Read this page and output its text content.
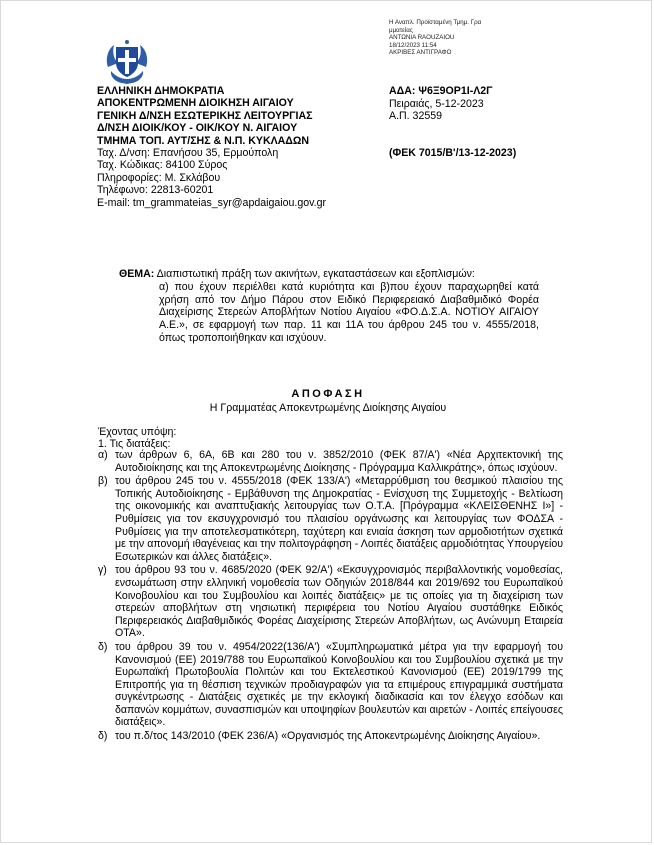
Η Αναπλ. Προϊσταμένη Τμημ. Γρα
μματείας
ΑΝΤΩΝΙΑ RAOUZAIOU
18/12/2023 11:54
ΑΚΡΙΒΕΣ ΑΝΤΙΓΡΑΦΟ
ΕΛΛΗΝΙΚΗ ΔΗΜΟΚΡΑΤΙΑ
ΑΠΟΚΕΝΤΡΩΜΕΝΗ ΔΙΟΙΚΗΣΗ ΑΙΓΑΙΟΥ
ΓΕΝΙΚΗ Δ/ΝΣΗ ΕΣΩΤΕΡΙΚΗΣ ΛΕΙΤΟΥΡΓΙΑΣ
Δ/ΝΣΗ ΔΙΟΙΚ/ΚΟΥ - ΟΙΚ/ΚΟΥ Ν. ΑΙΓΑΙΟΥ
ΤΜΗΜΑ ΤΟΠ. ΑΥΤ/ΣΗΣ & Ν.Π. ΚΥΚΛΑΔΩΝ
Ταχ. Δ/νση: Επανήσου 35, Ερμούπολη
Ταχ. Κώδικας: 84100 Σύρος
Πληροφορίες: Μ. Σκλάβου
Τηλέφωνο: 22813-60201
E-mail: tm_grammateias_syr@apdaigaiou.gov.gr
ΑΔΑ: Ψ6Ξ9ΟΡ1Ι-Λ2Γ
Πειραιάς, 5-12-2023
Α.Π. 32559
(ΦΕΚ 7015/Β'/13-12-2023)
ΘΕΜΑ: Διαπιστωτική πράξη των ακινήτων, εγκαταστάσεων και εξοπλισμών:
α) που έχουν περιέλθει κατά κυριότητα και β)που έχουν παραχωρηθεί κατά χρήση από τον Δήμο Πάρου στον Ειδικό Περιφερειακό Διαβαθμιδικό Φορέα Διαχείρισης Στερεών Αποβλήτων Νοτίου Αιγαίου «ΦΟ.Δ.Σ.Α. ΝΟΤΙΟΥ ΑΙΓΑΙΟΥ Α.Ε.», σε εφαρμογή των παρ. 11 και 11Α του άρθρου 245 του ν. 4555/2018, όπως τροποποιήθηκαν και ισχύουν.
ΑΠΟΦΑΣΗ
Η Γραμματέας Αποκεντρωμένης Διοίκησης Αιγαίου
Έχοντας υπόψη:
1. Τις διατάξεις:
α) των άρθρων 6, 6Α, 6Β και 280 του ν. 3852/2010 (ΦΕΚ 87/Α') «Νέα Αρχιτεκτονική της Αυτοδιοίκησης και της Αποκεντρωμένης Διοίκησης - Πρόγραμμα Καλλικράτης», όπως ισχύουν.
β) του άρθρου 245 του ν. 4555/2018 (ΦΕΚ 133/Α') «Μεταρρύθμιση του θεσμικού πλαισίου της Τοπικής Αυτοδιοίκησης - Εμβάθυνση της Δημοκρατίας - Ενίσχυση της Συμμετοχής - Βελτίωση της οικονομικής και αναπτυξιακής λειτουργίας των Ο.Τ.Α. [Πρόγραμμα «ΚΛΕΙΣΘΕΝΗΣ Ι»] - Ρυθμίσεις για τον εκσυγχρονισμό του πλαισίου οργάνωσης και λειτουργίας των ΦΟΔΣΑ - Ρυθμίσεις για την αποτελεσματικότερη, ταχύτερη και ενιαία άσκηση των αρμοδιοτήτων σχετικά με την απονομή ιθαγένειας και την πολιτογράφηση - Λοιπές διατάξεις αρμοδιότητας Υπουργείου Εσωτερικών και άλλες διατάξεις».
γ) του άρθρου 93 του ν. 4685/2020 (ΦΕΚ 92/Α') «Εκσυγχρονισμός περιβαλλοντικής νομοθεσίας, ενσωμάτωση στην ελληνική νομοθεσία των Οδηγιών 2018/844 και 2019/692 του Ευρωπαϊκού Κοινοβουλίου και του Συμβουλίου και λοιπές διατάξεις» με τις οποίες για τη διαχείριση των στερεών αποβλήτων στη νησιωτική περιφέρεια του Νοτίου Αιγαίου συστάθηκε Ειδικός Περιφερειακός Διαβαθμιδικός Φορέας Διαχείρισης Στερεών Αποβλήτων, ως Ανώνυμη Εταιρεία ΟΤΑ».
δ) του άρθρου 39 του ν. 4954/2022(136/Α') «Συμπληρωματικά μέτρα για την εφαρμογή του Κανονισμού (ΕΕ) 2019/788 του Ευρωπαϊκού Κοινοβουλίου και του Συμβουλίου σχετικά με την Ευρωπαϊκή Πρωτοβουλία Πολιτών και του Εκτελεστικού Κανονισμού (ΕΕ) 2019/1799 της Επιτροπής για τη θέσπιση τεχνικών προδιαγραφών για τα επιμέρους επιγραμμικά συστήματα συγκέντρωσης - Διατάξεις σχετικές με την εκλογική διαδικασία και τον έλεγχο εσόδων και δαπανών κομμάτων, συνασπισμών και υποψηφίων βουλευτών και αιρετών - Λοιπές επείγουσες διατάξεις».
δ) του π.δ/τος 143/2010 (ΦΕΚ 236/Α) «Οργανισμός της Αποκεντρωμένης Διοίκησης Αιγαίου».
